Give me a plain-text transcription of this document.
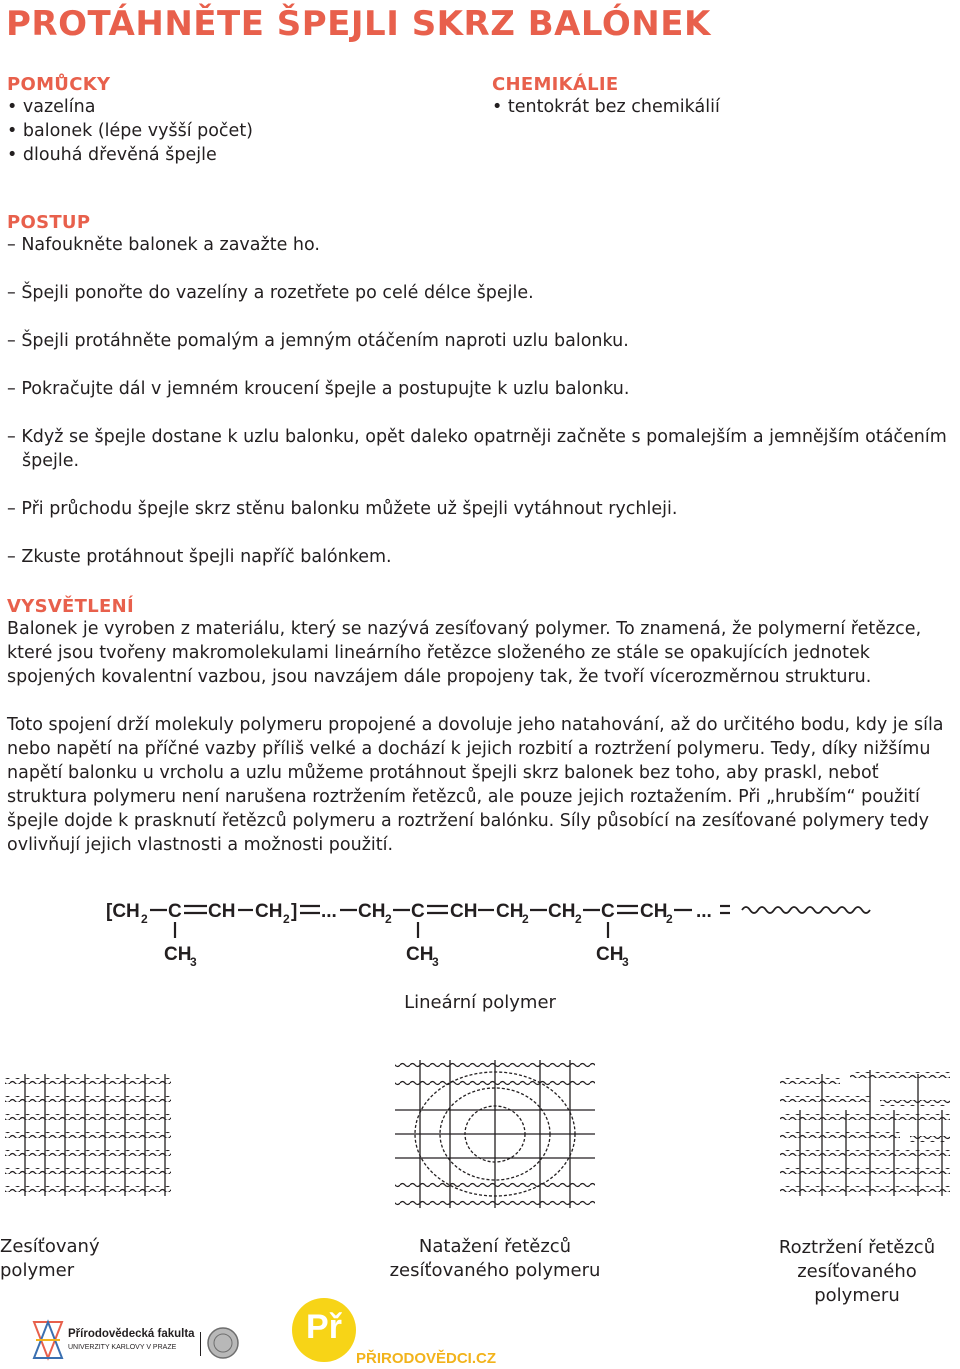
PROTÁHNĚTE ŠPEJLI SKRZ BALÓNEK
POMŮCKY
• vazelína
• balonek (lépe vyšší počet)
• dlouhá dřevěná špejle
CHEMIKÁLIE
• tentokrát bez chemikálií
POSTUP
– Nafoukněte balonek a zavažte ho.
– Špejli ponořte do vazelíny a rozetřete po celé délce špejle.
– Špejli protáhněte pomalým a jemným otáčením naproti uzlu balonku.
– Pokračujte dál v jemném kroucení špejle a postupujte k uzlu balonku.
– Když se špejle dostane k uzlu balonku, opět daleko opatrněji začněte s pomalejším a jemnějším otáčením špejle.
– Při průchodu špejle skrz stěnu balonku můžete už špejli vytáhnout rychleji.
– Zkuste protáhnout špejli napříč balónkem.
VYSVĚTLENÍ

Balonek je vyroben z materiálu, který se nazývá zesíťovaný polymer. To znamená, že polymerní řetězce, které jsou tvořeny makromolekulami lineárního řetězce složeného ze stále se opakujících jednotek spojených kovalentní vazbou, jsou navzájem dále propojeny tak, že tvoří vícerozměrnou strukturu.

Toto spojení drží molekuly polymeru propojené a dovoluje jeho natahování, až do určitého bodu, kdy je síla nebo napětí na příčné vazby příliš velké a dochází k jejich rozbití a roztržení polymeru. Tedy, díky nižšímu napětí balonku u vrcholu a uzlu můžeme protáhnout špejli skrz balonek bez toho, aby praskl, neboť struktura polymeru není narušena roztržením řetězců, ale pouze jejich roztažením. Při „hrubším“ použití špejle dojde k prasknutí řetězců polymeru a roztržení balónku. Síly působící na zesíťované polymery tedy ovlivňují jejich vlastnosti a možnosti použití.

[CH 2 C CH CH 2 ] ... CH 2 C CH CH
2 CH 2 C CH
2 ...
CH
3	CH
3	CH
3
Lineární polymer
Zesíťovaný polymer
Natažení řetězců
zesíťovaného polymeru
Roztržení řetězců
zesíťovaného polymeru
Přírodovědecká fakulta
UNIVERZITY KARLOVY V PRAZE
Př
PŘIRODOVĚDCI.CZ
